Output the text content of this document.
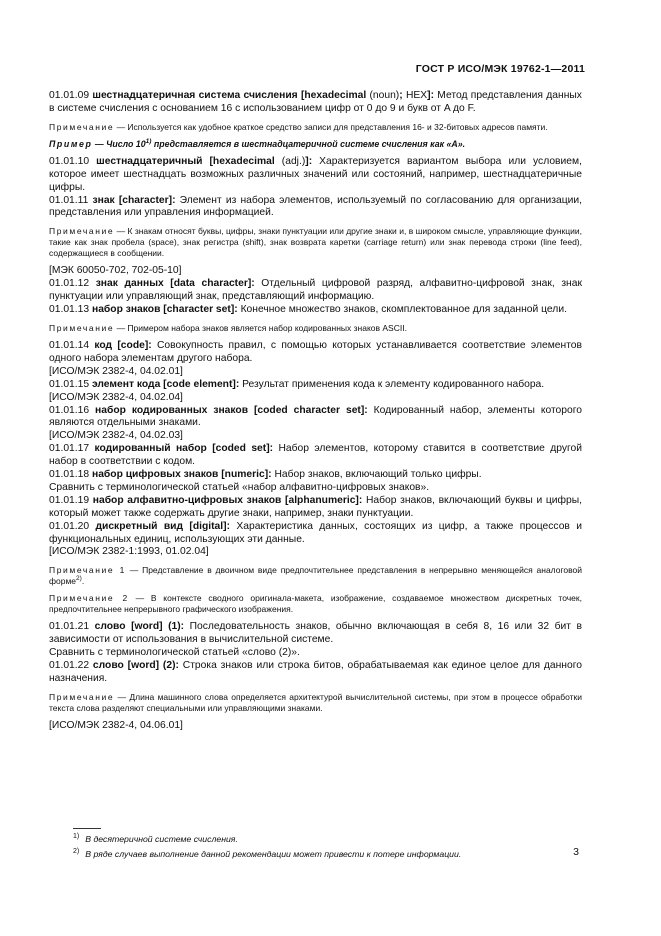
ГОСТ Р ИСО/МЭК 19762-1—2011

01.01.09 шестнадцатеричная система счисления [hexadecimal (noun); HEX]: Метод представления данных в системе счисления с основанием 16 с использованием цифр от 0 до 9 и букв от A до F.

Примечание — Используется как удобное краткое средство записи для представления 16- и 32-битовых адресов памяти.

Пример — Число 10$^{1)}$ представляется в шестнадцатеричной системе счисления как «А».

01.01.10 шестнадцатеричный [hexadecimal (adj.)]: Характеризуется вариантом выбора или условием, которое имеет шестнадцать возможных различных значений или состояний, например, шестнадцатеричные цифры.

01.01.11 знак [character]: Элемент из набора элементов, используемый по согласованию для организации, представления или управления информацией.

Примечание — К знакам относят буквы, цифры, знаки пунктуации или другие знаки и, в широком смысле, управляющие функции, такие как знак пробела (space), знак регистра (shift), знак возврата каретки (carriage return) или знак перевода строки (line feed), содержащиеся в сообщении.

[МЭК 60050-702, 702-05-10]

01.01.12 знак данных [data character]: Отдельный цифровой разряд, алфавитно-цифровой знак, знак пунктуации или управляющий знак, представляющий информацию.

01.01.13 набор знаков [character set]: Конечное множество знаков, скомплектованное для заданной цели.

Примечание — Примером набора знаков является набор кодированных знаков ASCII.

01.01.14 код [code]: Совокупность правил, с помощью которых устанавливается соответствие элементов одного набора элементам другого набора.

[ИСО/МЭК 2382-4, 04.02.01]

01.01.15 элемент кода [code element]: Результат применения кода к элементу кодированного набора.

[ИСО/МЭК 2382-4, 04.02.04]

01.01.16 набор кодированных знаков [coded character set]: Кодированный набор, элементы которого являются отдельными знаками.

[ИСО/МЭК 2382-4, 04.02.03]

01.01.17 кодированный набор [coded set]: Набор элементов, которому ставится в соответствие другой набор в соответствии с кодом.

01.01.18 набор цифровых знаков [numeric]: Набор знаков, включающий только цифры.

Сравнить с терминологической статьей «набор алфавитно-цифровых знаков».

01.01.19 набор алфавитно-цифровых знаков [alphanumeric]: Набор знаков, включающий буквы и цифры, который может также содержать другие знаки, например, знаки пунктуации.

01.01.20 дискретный вид [digital]: Характеристика данных, состоящих из цифр, а также процессов и функциональных единиц, использующих эти данные.

[ИСО/МЭК 2382-1:1993, 01.02.04]

Примечание 1 — Представление в двоичном виде предпочтительнее представления в непрерывно меняющейся аналоговой форме$^{2)}$.

Примечание 2 — В контексте сводного оригинала-макета, изображение, создаваемое множеством дискретных точек, предпочтительнее непрерывного графического изображения.

01.01.21 слово [word] (1): Последовательность знаков, обычно включающая в себя 8, 16 или 32 бит в зависимости от использования в вычислительной системе.

Сравнить с терминологической статьей «слово (2)».

01.01.22 слово [word] (2): Строка знаков или строка битов, обрабатываемая как единое целое для данного назначения.

Примечание — Длина машинного слова определяется архитектурой вычислительной системы, при этом в процессе обработки текста слова разделяют специальными или управляющими знаками.

[ИСО/МЭК 2382-4, 04.06.01]

$^{1)}$ В десятеричной системе счисления.

$^{2)}$ В ряде случаев выполнение данной рекомендации может привести к потере информации.	3
